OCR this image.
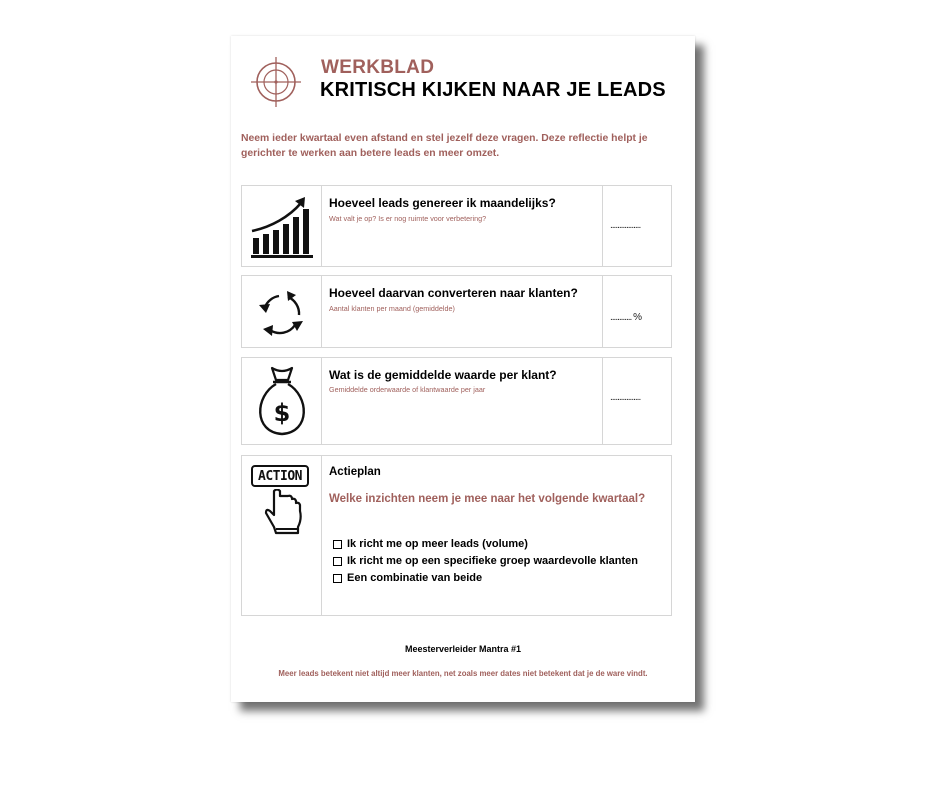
WERKBLAD
KRITISCH KIJKEN NAAR JE LEADS
Neem ieder kwartaal even afstand en stel jezelf deze vragen. Deze reflectie helpt je gerichter te werken aan betere leads en meer omzet.
Hoeveel leads genereer ik maandelijks?
Wat valt je op? Is er nog ruimte voor verbetering?
.................
Hoeveel daarvan converteren naar klanten?
Aantal klanten per maand (gemiddelde)
............ %
$
Wat is de gemiddelde waarde per klant?
Gemiddelde orderwaarde of klantwaarde per jaar
.................
ACTION	Actieplan
Welke inzichten neem je mee naar het volgende kwartaal?
Ik richt me op meer leads (volume)
Ik richt me op een specifieke groep waardevolle klanten
Een combinatie van beide
Meesterverleider Mantra #1
Meer leads betekent niet altijd meer klanten, net zoals meer dates niet betekent dat je de ware vindt.
